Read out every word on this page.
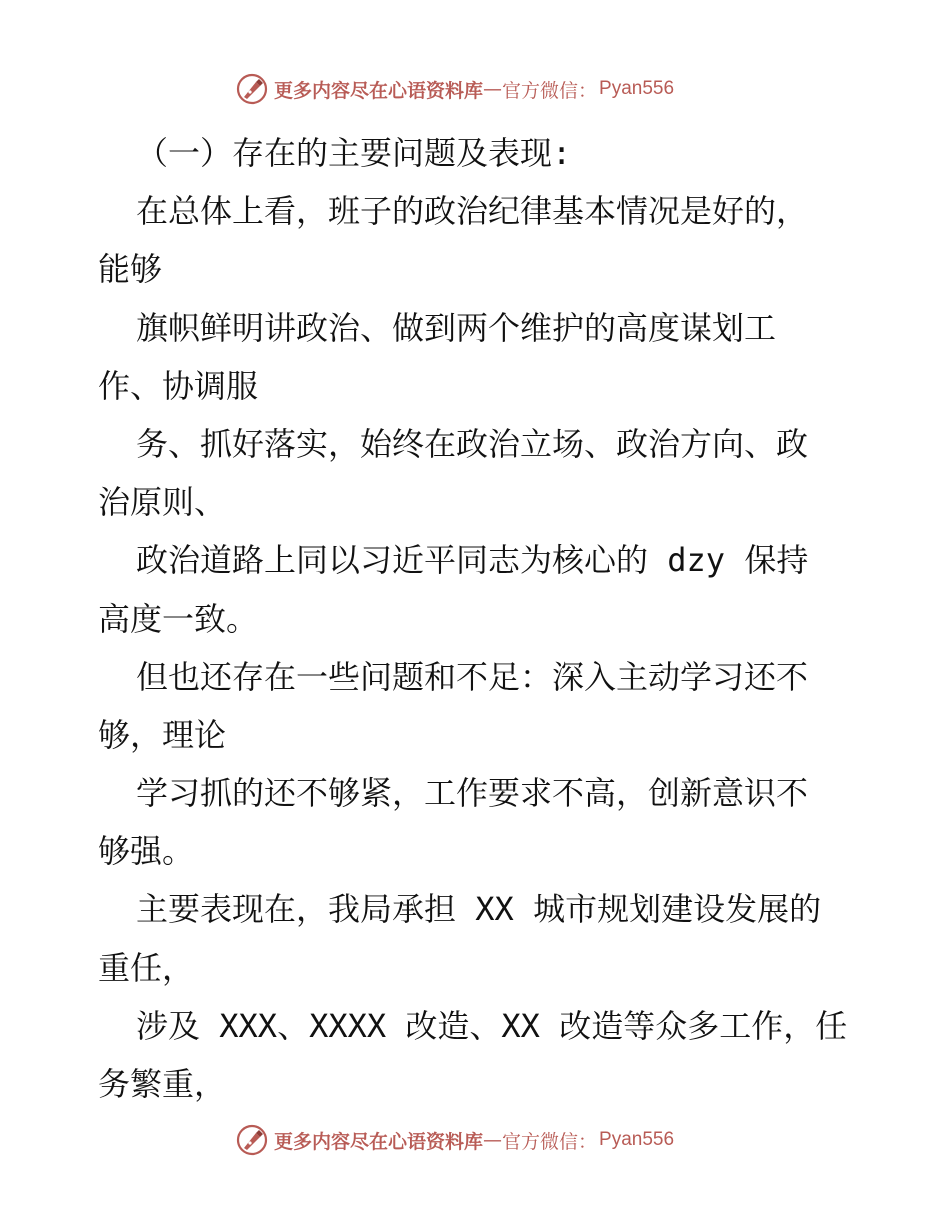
更多内容尽在心语资料库 — 官方微信： Pyan556
（一）存在的主要问题及表现:
在总体上看，班子的政治纪律基本情况是好的，
能够
旗帜鲜明讲政治、做到两个维护的高度谋划工
作、协调服
务、抓好落实，始终在政治立场、政治方向、政
治原则、
政治道路上同以习近平同志为核心的 dzy 保持
高度一致。
但也还存在一些问题和不足：深入主动学习还不
够，理论
学习抓的还不够紧，工作要求不高，创新意识不
够强。
主要表现在，我局承担 XX 城市规划建设发展的
重任，
涉及 XXX、XXXX 改造、XX 改造等众多工作，任
务繁重，
更多内容尽在心语资料库 — 官方微信： Pyan556
